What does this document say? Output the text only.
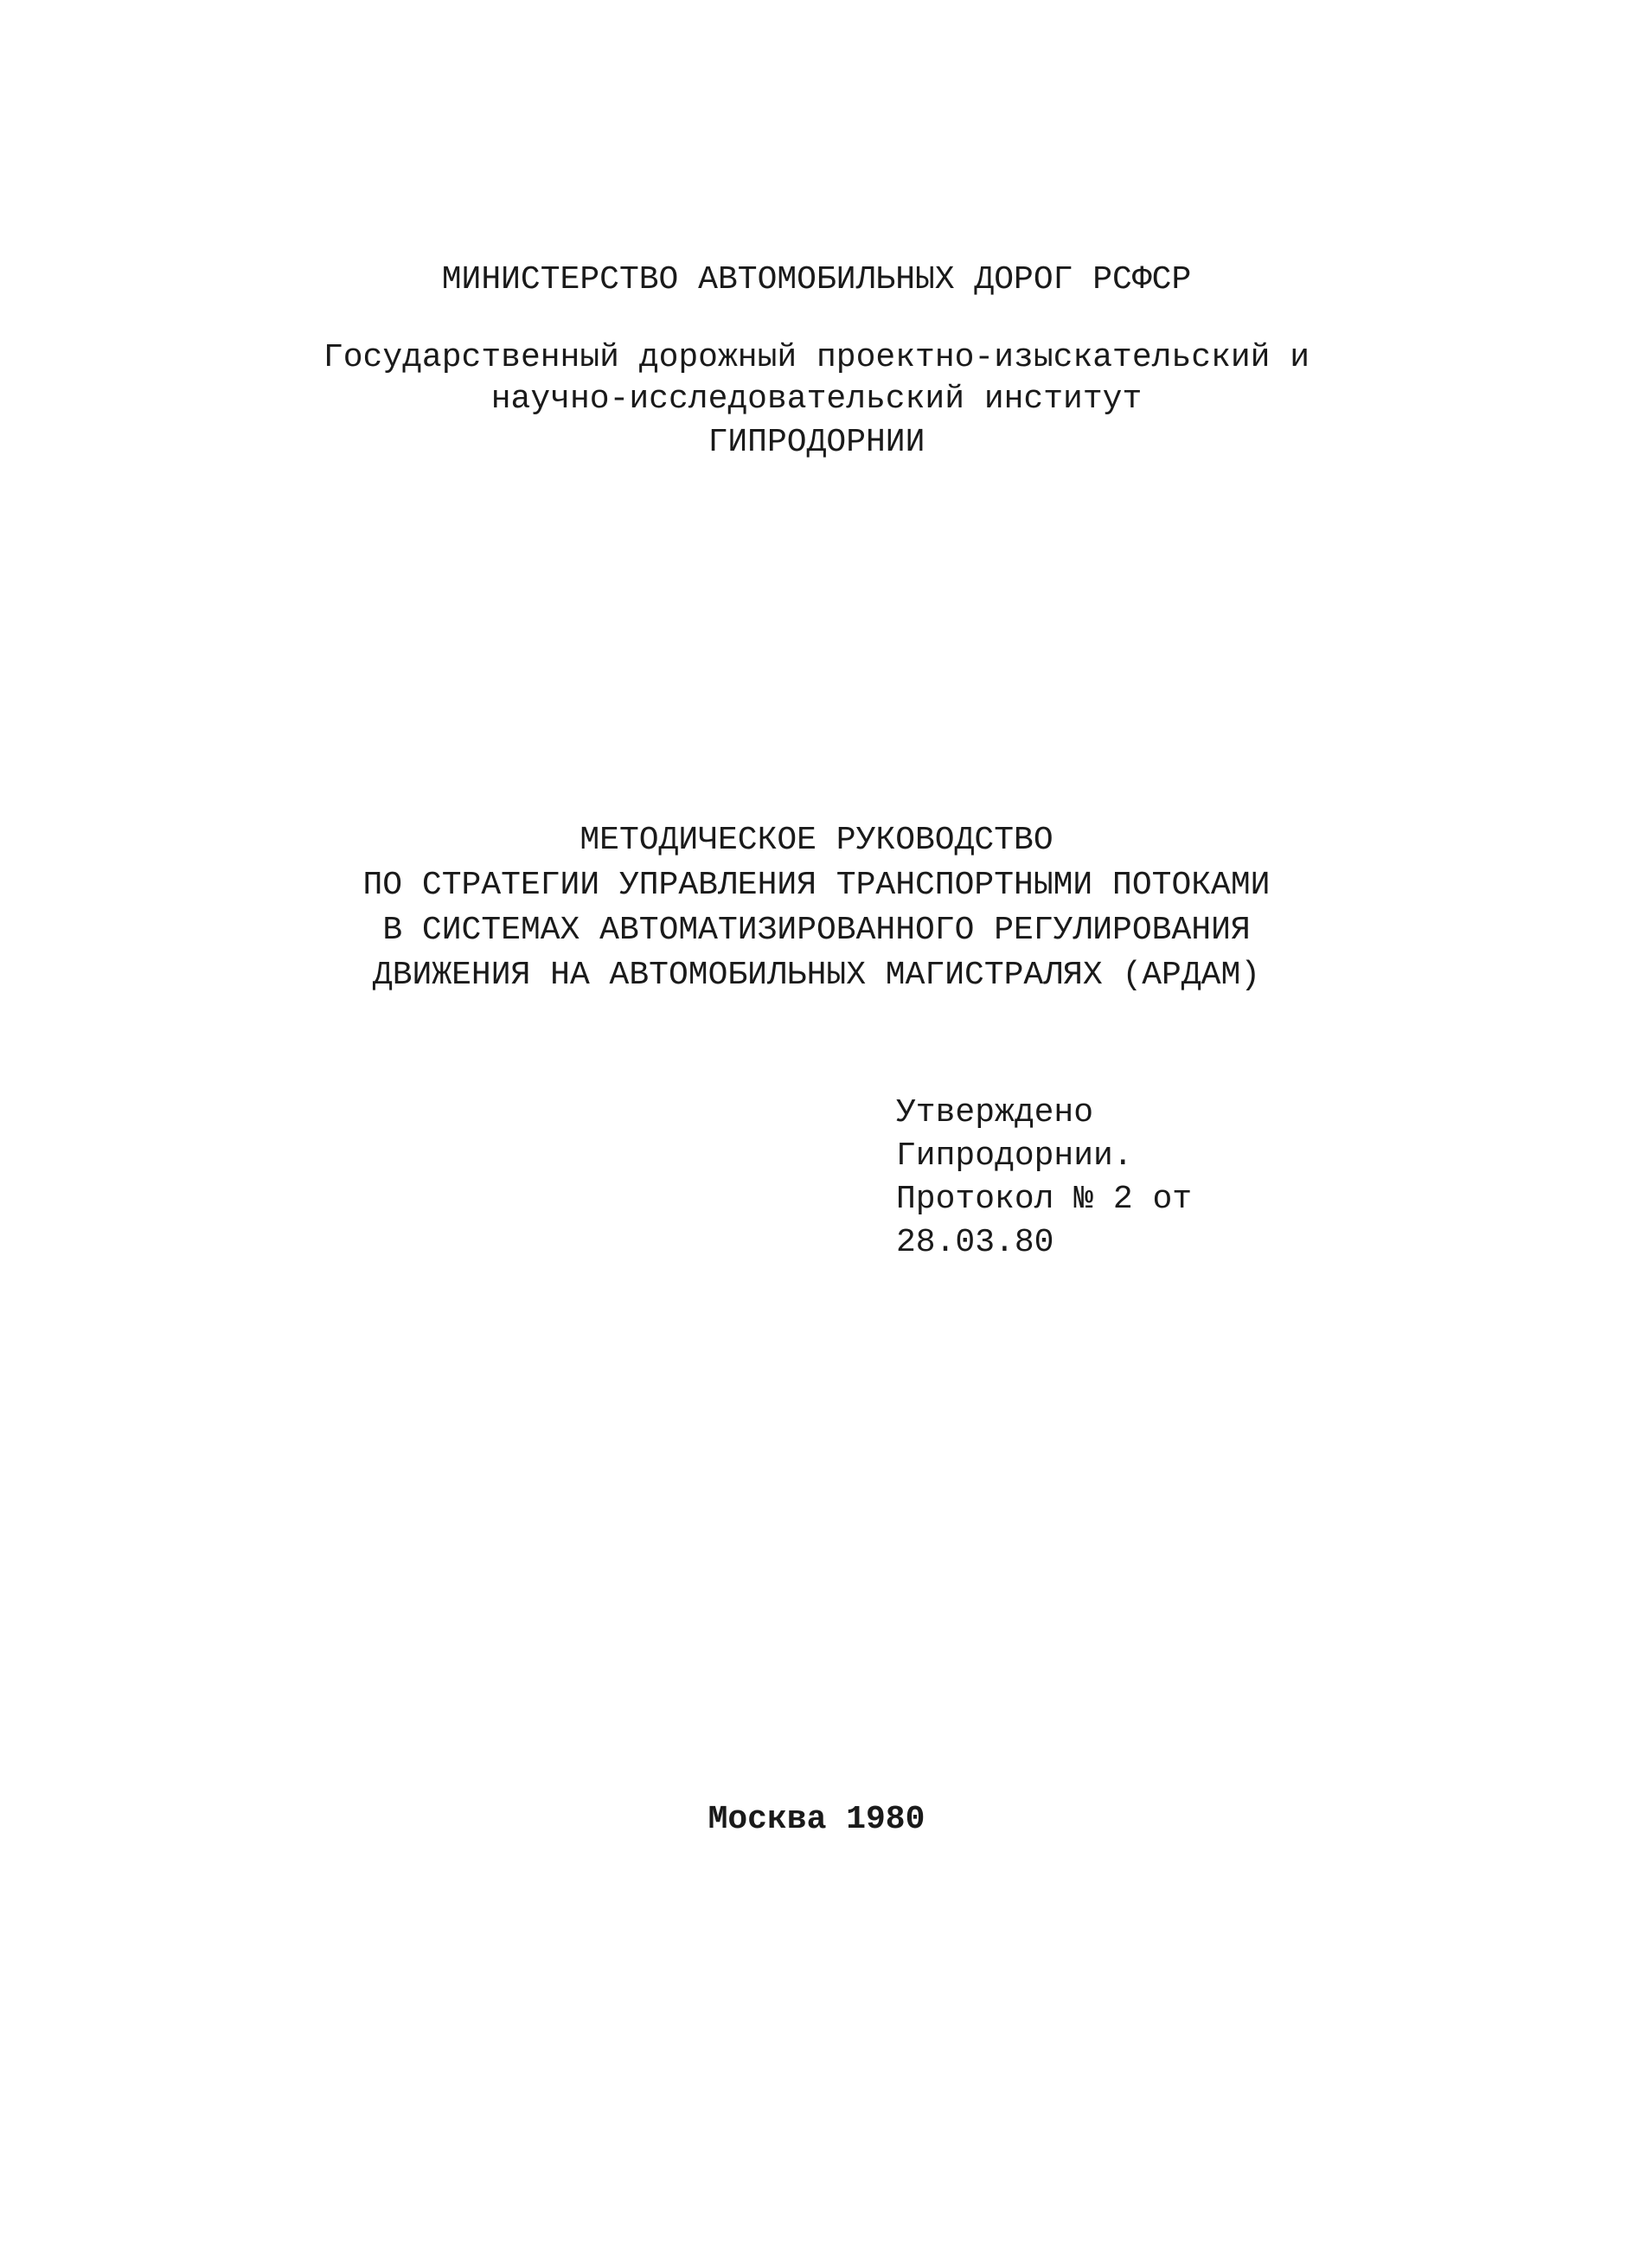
МИНИСТЕРСТВО АВТОМОБИЛЬНЫХ ДОРОГ РСФСР
Государственный дорожный проектно-изыскательский и
научно-исследовательский институт
ГИПРОДОРНИИ
МЕТОДИЧЕСКОЕ РУКОВОДСТВО
ПО СТРАТЕГИИ УПРАВЛЕНИЯ ТРАНСПОРТНЫМИ ПОТОКАМИ
В СИСТЕМАХ АВТОМАТИЗИРОВАННОГО РЕГУЛИРОВАНИЯ
ДВИЖЕНИЯ НА АВТОМОБИЛЬНЫХ МАГИСТРАЛЯХ (АРДАМ)
Утверждено
Гипродорнии.
Протокол № 2 от
28.03.80
Москва 1980
